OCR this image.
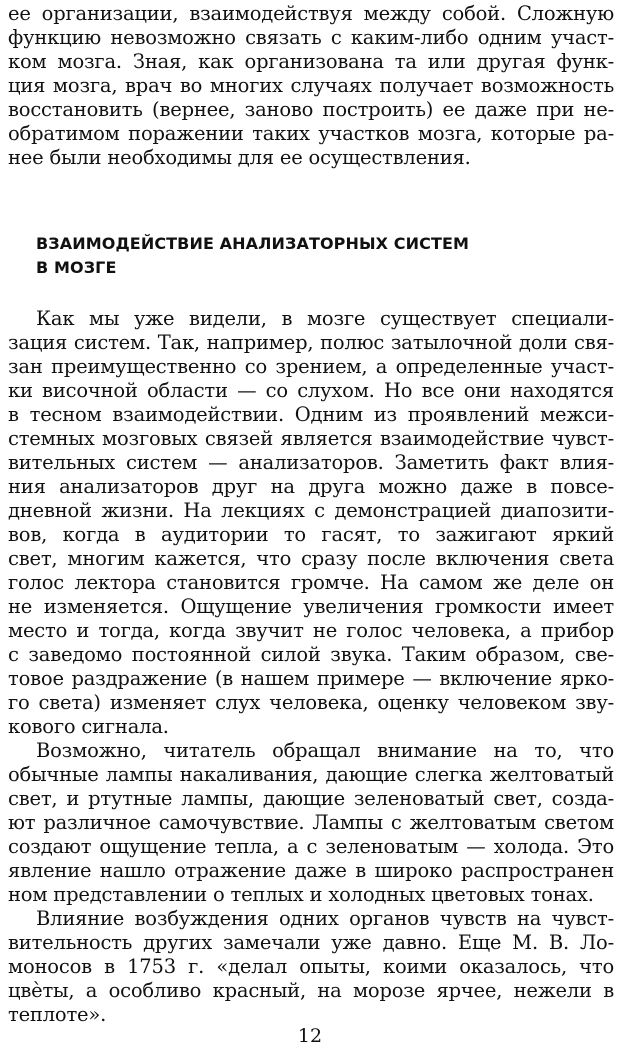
ее организации, взаимодействуя между собой. Сложную
функцию невозможно связать с каким-либо одним участ-
ком мозга. Зная, как организована та или другая функ-
ция мозга, врач во многих случаях получает возможность
восстановить (вернее, заново построить) ее даже при не-
обратимом поражении таких участков мозга, которые ра-
нее были необходимы для ее осуществления.
ВЗАИМОДЕЙСТВИЕ АНАЛИЗАТОРНЫХ СИСТЕМ
В МОЗГЕ
Как мы уже видели, в мозге существует специали-
зация систем. Так, например, полюс затылочной доли свя-
зан преимущественно со зрением, а определенные участ-
ки височной области — со слухом. Но все они находятся
в тесном взаимодействии. Одним из проявлений межси-
стемных мозговых связей является взаимодействие чувст-
вительных систем — анализаторов. Заметить факт влия-
ния анализаторов друг на друга можно даже в повсе-
дневной жизни. На лекциях с демонстрацией диапозити-
вов, когда в аудитории то гасят, то зажигают яркий
свет, многим кажется, что сразу после включения света
голос лектора становится громче. На самом же деле он
не изменяется. Ощущение увеличения громкости имеет
место и тогда, когда звучит не голос человека, а прибор
с заведомо постоянной силой звука. Таким образом, све-
товое раздражение (в нашем примере — включение ярко-
го света) изменяет слух человека, оценку человеком зву-
кового сигнала.
Возможно, читатель обращал внимание на то, что
обычные лампы накаливания, дающие слегка желтоватый
свет, и ртутные лампы, дающие зеленоватый свет, созда-
ют различное самочувствие. Лампы с желтоватым светом
создают ощущение тепла, а с зеленоватым — холода. Это
явление нашло отражение даже в широко распространен
ном представлении о теплых и холодных цветовых тонах.
Влияние возбуждения одних органов чувств на чувст-
вительность других замечали уже давно. Еще М. В. Ло-
моносов в 1753 г. «делал опыты, коими оказалось, что
цвѐты, а особливо красный, на морозе ярчее, нежели в
теплоте».
12
